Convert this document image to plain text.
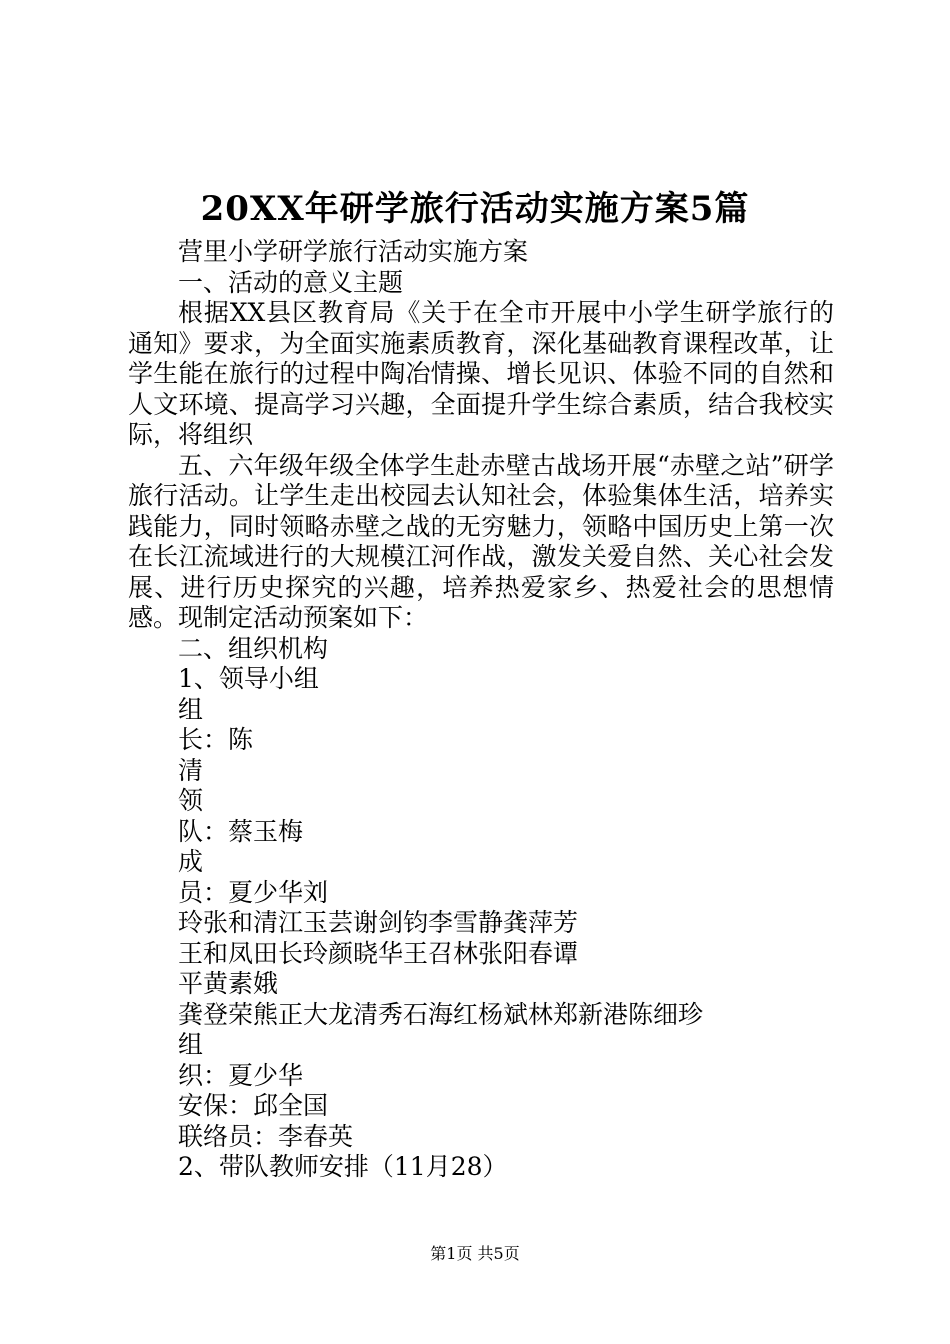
20XX年研学旅行活动实施方案5篇

营里小学研学旅行活动实施方案

一、活动的意义主题

根据XX县区教育局《关于在全市开展中小学生研学旅行的通知》要求，为全面实施素质教育，深化基础教育课程改革，让学生能在旅行的过程中陶冶情操、增长见识、体验不同的自然和人文环境、提高学习兴趣，全面提升学生综合素质，结合我校实际，将组织

五、六年级年级全体学生赴赤壁古战场开展“赤壁之站”研学旅行活动。让学生走出校园去认知社会，体验集体生活，培养实践能力，同时领略赤壁之战的无穷魅力，领略中国历史上第一次在长江流域进行的大规模江河作战，激发关爱自然、关心社会发展、进行历史探究的兴趣，培养热爱家乡、热爱社会的思想情感。现制定活动预案如下：

二、组织机构

1、领导小组

组

长：陈

清

领

队：蔡玉梅

成

员：夏少华刘

玲张和清江玉芸谢剑钧李雪静龚萍芳

王和凤田长玲颜晓华王召林张阳春谭

平黄素娥

龚登荣熊正大龙清秀石海红杨斌林郑新港陈细珍

组

织：夏少华

安保：邱全国

联络员：李春英

2、带队教师安排（11月28）

第1页 共5页
